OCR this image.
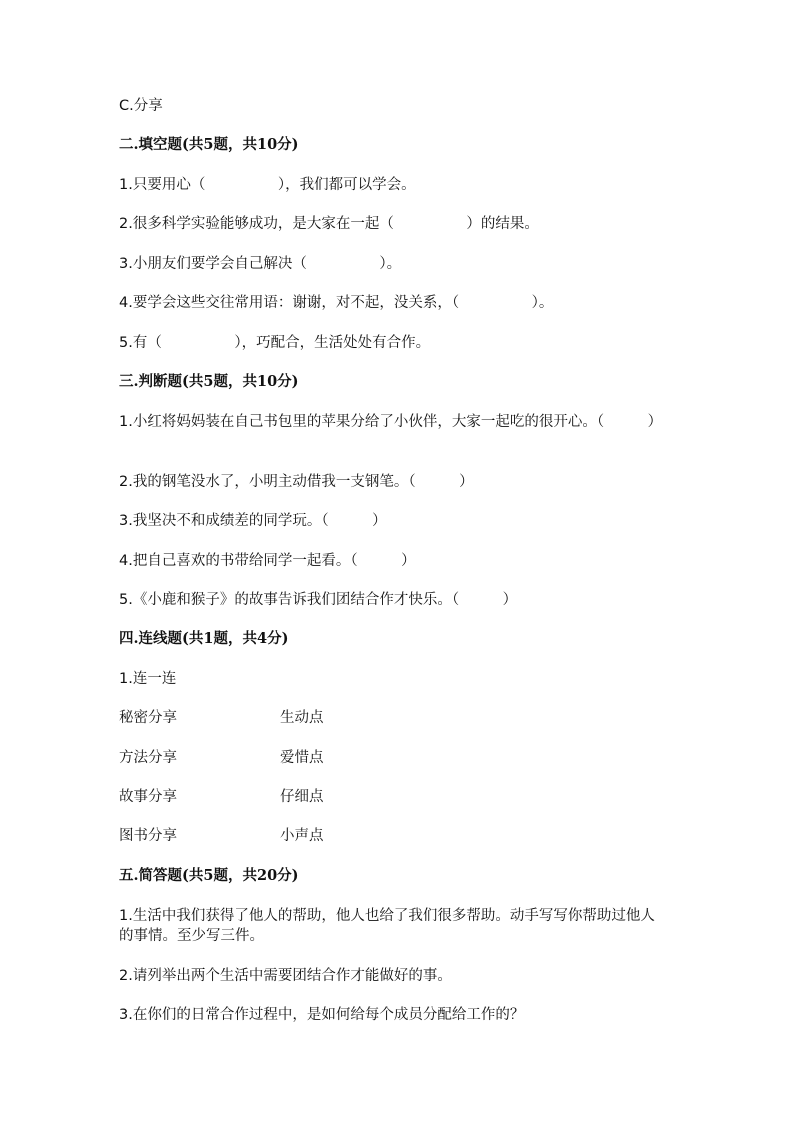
C.分享
二.填空题(共5题，共10分)
1.只要用心（　　　　　），我们都可以学会。
2.很多科学实验能够成功，是大家在一起（　　　　　）的结果。
3.小朋友们要学会自己解决（　　　　　）。
4.要学会这些交往常用语：谢谢，对不起，没关系，（　　　　　）。
5.有（　　　　　），巧配合，生活处处有合作。
三.判断题(共5题，共10分)
1.小红将妈妈装在自己书包里的苹果分给了小伙伴，大家一起吃的很开心。（　　　）
2.我的钢笔没水了，小明主动借我一支钢笔。（　　　）
3.我坚决不和成绩差的同学玩。（　　　）
4.把自己喜欢的书带给同学一起看。（　　　）
5.《小鹿和猴子》的故事告诉我们团结合作才快乐。（　　　）
四.连线题(共1题，共4分)
1.连一连
秘密分享	生动点
方法分享	爱惜点
故事分享	仔细点
图书分享	小声点
五.简答题(共5题，共20分)
1.生活中我们获得了他人的帮助，他人也给了我们很多帮助。动手写写你帮助过他人的事情。至少写三件。
2.请列举出两个生活中需要团结合作才能做好的事。
3.在你们的日常合作过程中，是如何给每个成员分配给工作的？
